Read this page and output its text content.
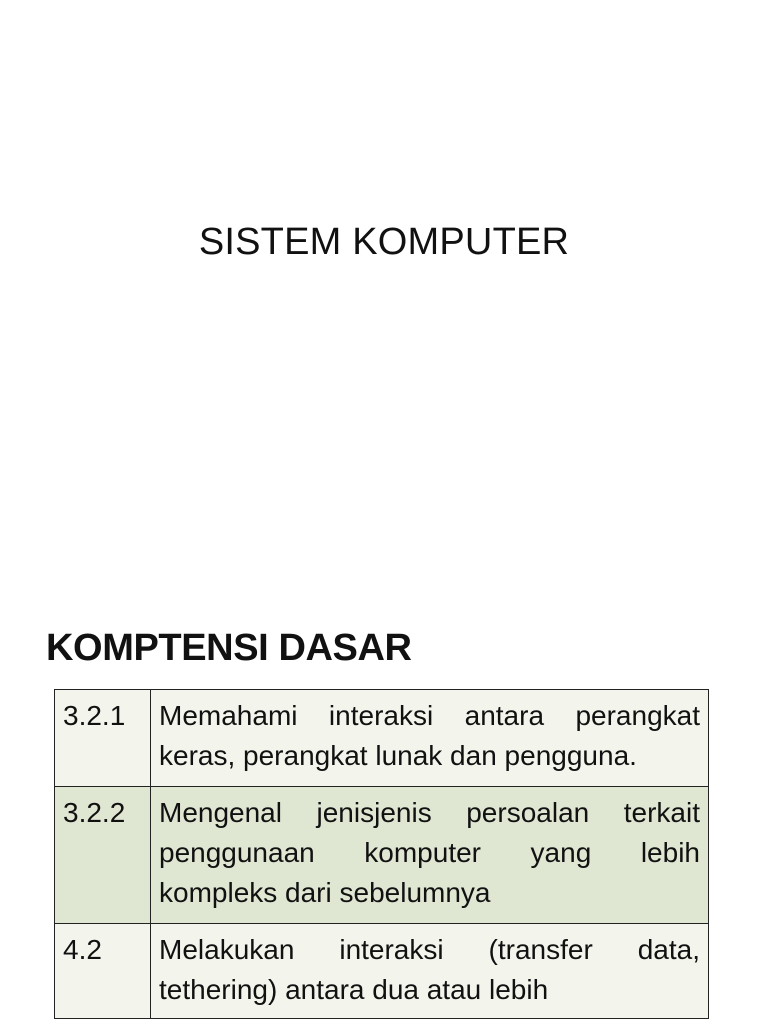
SISTEM KOMPUTER
KOMPTENSI DASAR
3.2.1	Memahami interaksi antara perangkat keras, perangkat lunak dan pengguna.
3.2.2	Mengenal jenisjenis persoalan terkait penggunaan komputer yang lebih kompleks dari sebelumnya
4.2	Melakukan interaksi (transfer data, tethering) antara dua atau lebih
